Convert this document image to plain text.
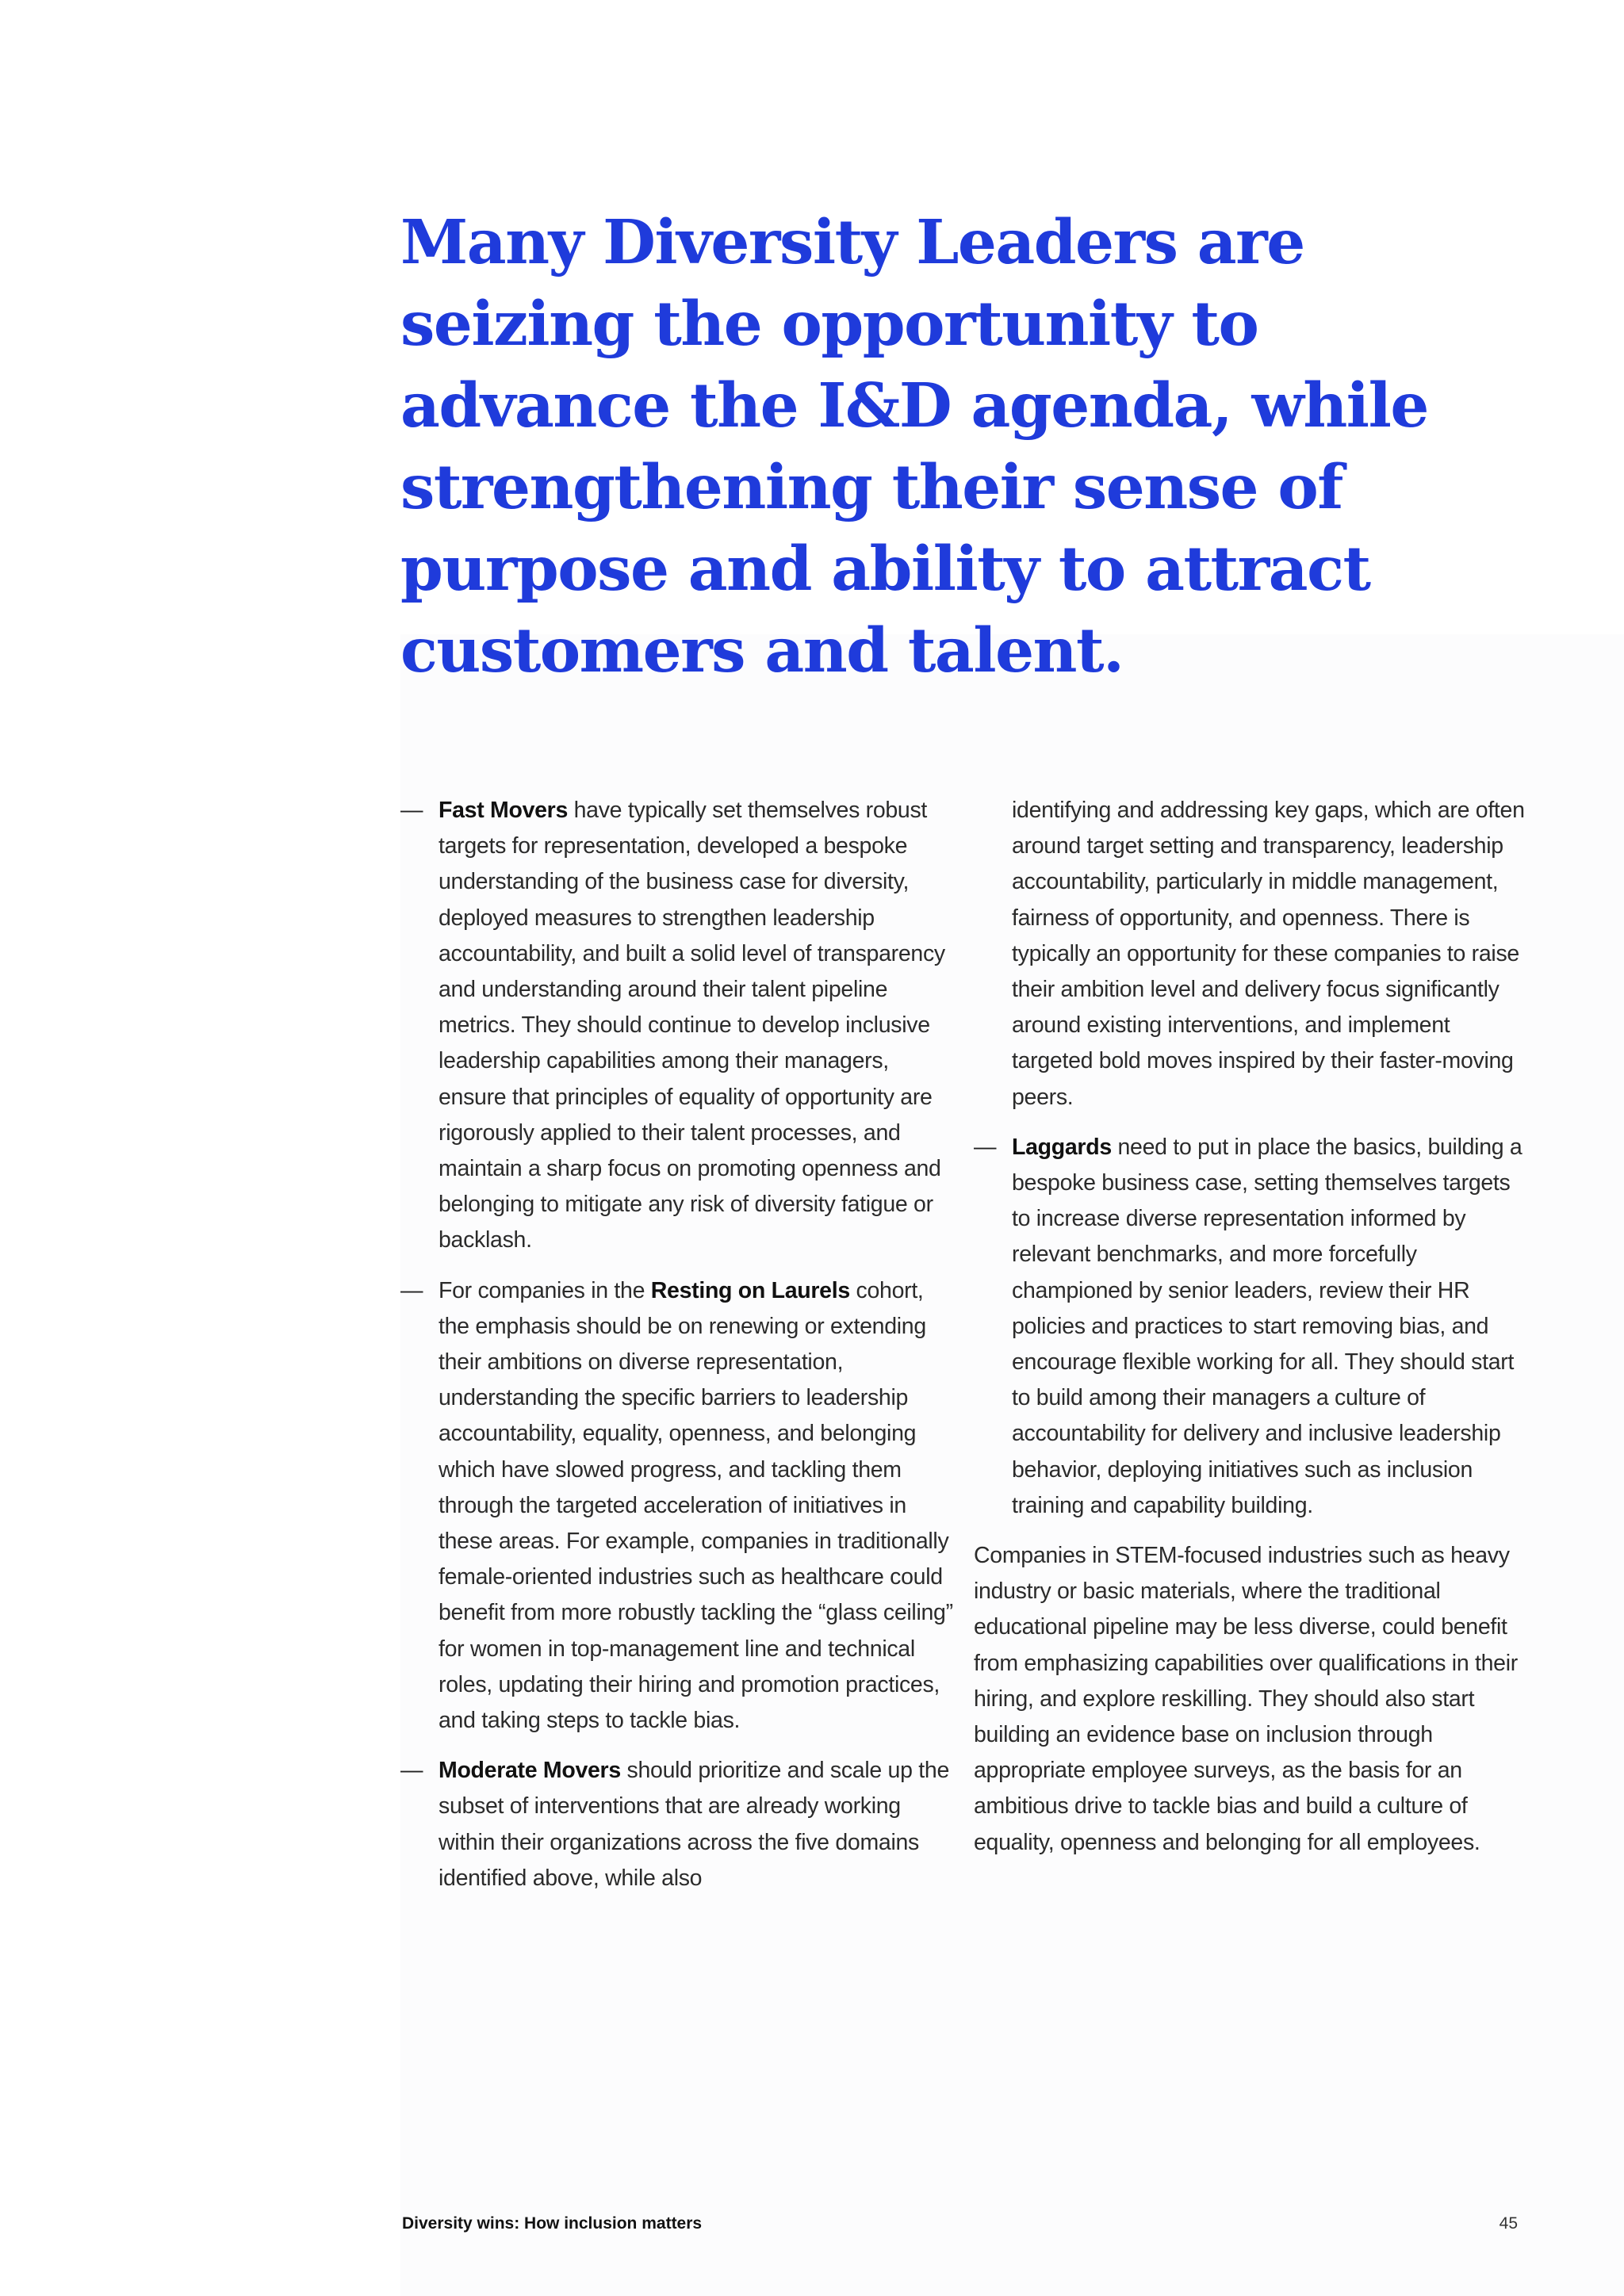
Many Diversity Leaders are seizing the opportunity to advance the I&D agenda, while strengthening their sense of purpose and ability to attract customers and talent.
— Fast Movers have typically set themselves robust targets for representation, developed a bespoke understanding of the business case for diversity, deployed measures to strengthen leadership accountability, and built a solid level of transparency and understanding around their talent pipeline metrics. They should continue to develop inclusive leadership capabilities among their managers, ensure that principles of equality of opportunity are rigorously applied to their talent processes, and maintain a sharp focus on promoting openness and belonging to mitigate any risk of diversity fatigue or backlash.
— For companies in the Resting on Laurels cohort, the emphasis should be on renewing or extending their ambitions on diverse representation, understanding the specific barriers to leadership accountability, equality, openness, and belonging which have slowed progress, and tackling them through the targeted acceleration of initiatives in these areas. For example, companies in traditionally female-oriented industries such as healthcare could benefit from more robustly tackling the “glass ceiling” for women in top-management line and technical roles, updating their hiring and promotion practices, and taking steps to tackle bias.
— Moderate Movers should prioritize and scale up the subset of interventions that are already working within their organizations across the five domains identified above, while also
identifying and addressing key gaps, which are often around target setting and transparency, leadership accountability, particularly in middle management, fairness of opportunity, and openness. There is typically an opportunity for these companies to raise their ambition level and delivery focus significantly around existing interventions, and implement targeted bold moves inspired by their faster-moving peers.
— Laggards need to put in place the basics, building a bespoke business case, setting themselves targets to increase diverse representation informed by relevant benchmarks, and more forcefully championed by senior leaders, review their HR policies and practices to start removing bias, and encourage flexible working for all. They should start to build among their managers a culture of accountability for delivery and inclusive leadership behavior, deploying initiatives such as inclusion training and capability building.

Companies in STEM-focused industries such as heavy industry or basic materials, where the traditional educational pipeline may be less diverse, could benefit from emphasizing capabilities over qualifications in their hiring, and explore reskilling. They should also start building an evidence base on inclusion through appropriate employee surveys, as the basis for an ambitious drive to tackle bias and build a culture of equality, openness and belonging for all employees.

Diversity wins: How inclusion matters	45
